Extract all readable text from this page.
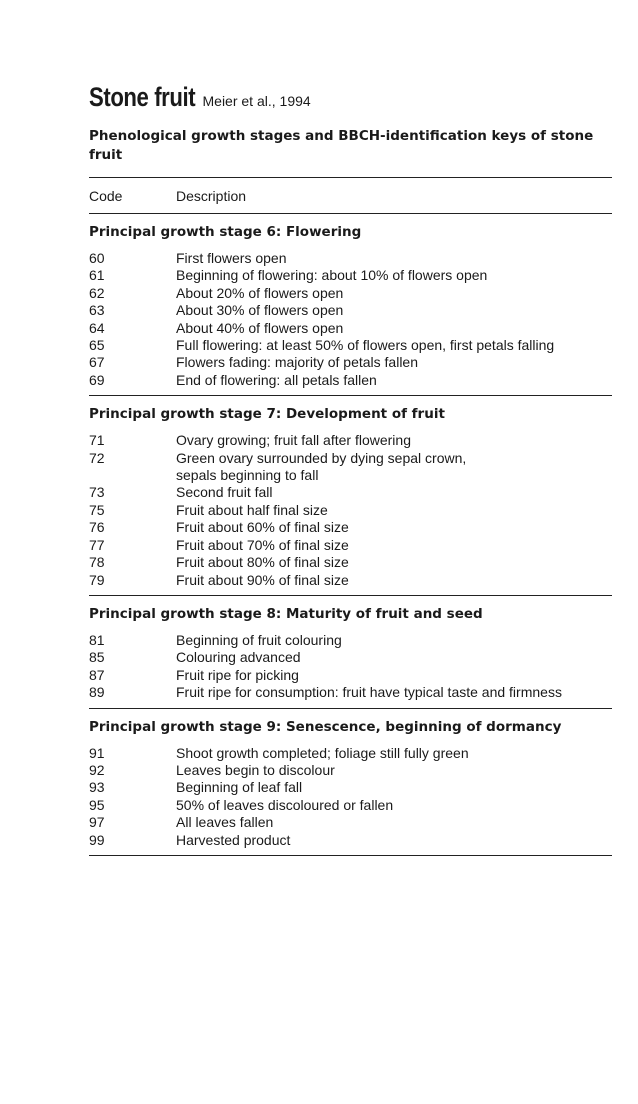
Stone fruit Meier et al., 1994
Phenological growth stages and BBCH-identification keys of stone fruit
Code	Description
Principal growth stage 6: Flowering
60	First flowers open
61	Beginning of flowering: about 10% of flowers open
62	About 20% of flowers open
63	About 30% of flowers open
64	About 40% of flowers open
65	Full flowering: at least 50% of flowers open, first petals falling
67	Flowers fading: majority of petals fallen
69	End of flowering: all petals fallen
Principal growth stage 7: Development of fruit
71	Ovary growing; fruit fall after flowering
72	Green ovary surrounded by dying sepal crown,
sepals beginning to fall
73	Second fruit fall
75	Fruit about half final size
76	Fruit about 60% of final size
77	Fruit about 70% of final size
78	Fruit about 80% of final size
79	Fruit about 90% of final size
Principal growth stage 8: Maturity of fruit and seed
81	Beginning of fruit colouring
85	Colouring advanced
87	Fruit ripe for picking
89	Fruit ripe for consumption: fruit have typical taste and firmness
Principal growth stage 9: Senescence, beginning of dormancy
91	Shoot growth completed; foliage still fully green
92	Leaves begin to discolour
93	Beginning of leaf fall
95	50% of leaves discoloured or fallen
97	All leaves fallen
99	Harvested product
